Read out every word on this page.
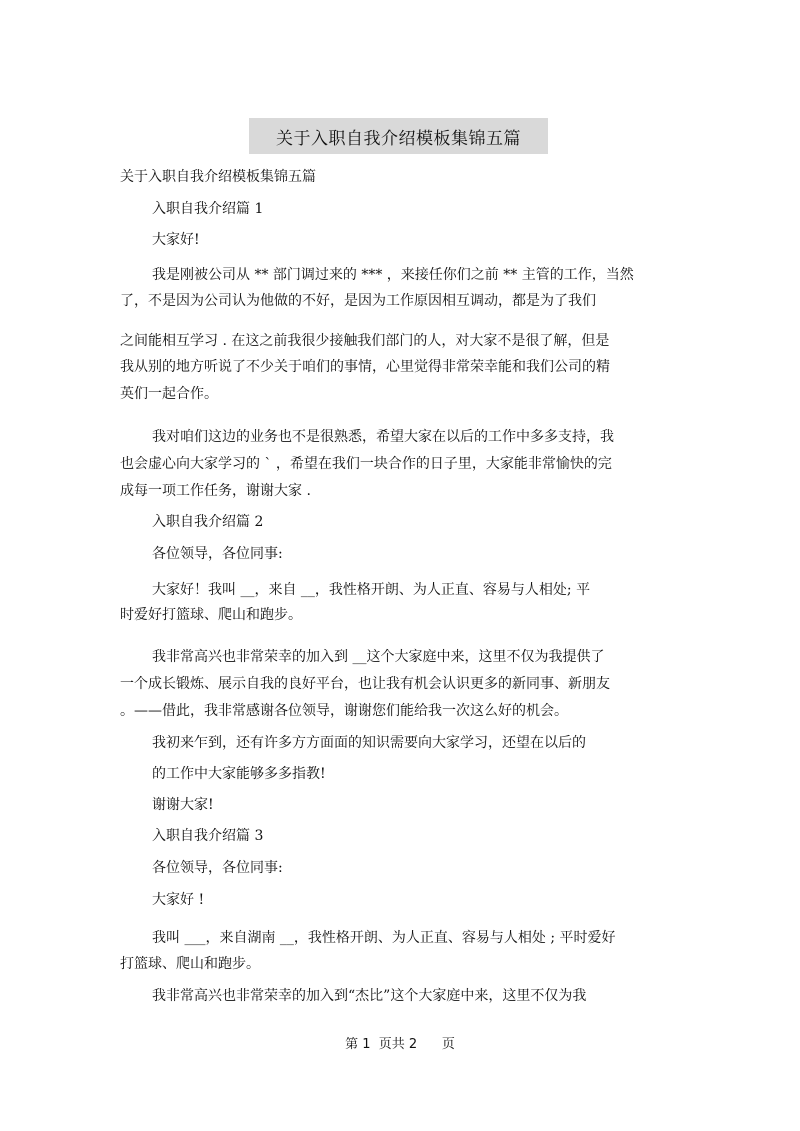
关于入职自我介绍模板集锦五篇
关于入职自我介绍模板集锦五篇
入职自我介绍篇 1
大家好!
我是刚被公司从 ** 部门调过来的 *** ，来接任你们之前 ** 主管的工作，当然
了，不是因为公司认为他做的不好，是因为工作原因相互调动，都是为了我们
之间能相互学习 . 在这之前我很少接触我们部门的人，对大家不是很了解，但是
我从别的地方听说了不少关于咱们的事情，心里觉得非常荣幸能和我们公司的精
英们一起合作。
我对咱们这边的业务也不是很熟悉，希望大家在以后的工作中多多支持，我
也会虚心向大家学习的 ` ，希望在我们一块合作的日子里，大家能非常愉快的完
成每一项工作任务，谢谢大家 .
入职自我介绍篇 2
各位领导，各位同事:
大家好！我叫 __，来自 __，我性格开朗、为人正直、容易与人相处; 平
时爱好打篮球、爬山和跑步。
我非常高兴也非常荣幸的加入到 __这个大家庭中来，这里不仅为我提供了
一个成长锻炼、展示自我的良好平台，也让我有机会认识更多的新同事、新朋友
。——借此，我非常感谢各位领导，谢谢您们能给我一次这么好的机会。
我初来乍到，还有许多方方面面的知识需要向大家学习，还望在以后的
的工作中大家能够多多指教!
谢谢大家!
入职自我介绍篇 3
各位领导，各位同事:
大家好 !
我叫 ___，来自湖南 __，我性格开朗、为人正直、容易与人相处 ; 平时爱好
打篮球、爬山和跑步。
我非常高兴也非常荣幸的加入到“杰比”这个大家庭中来，这里不仅为我
第 1  页共 2      页
